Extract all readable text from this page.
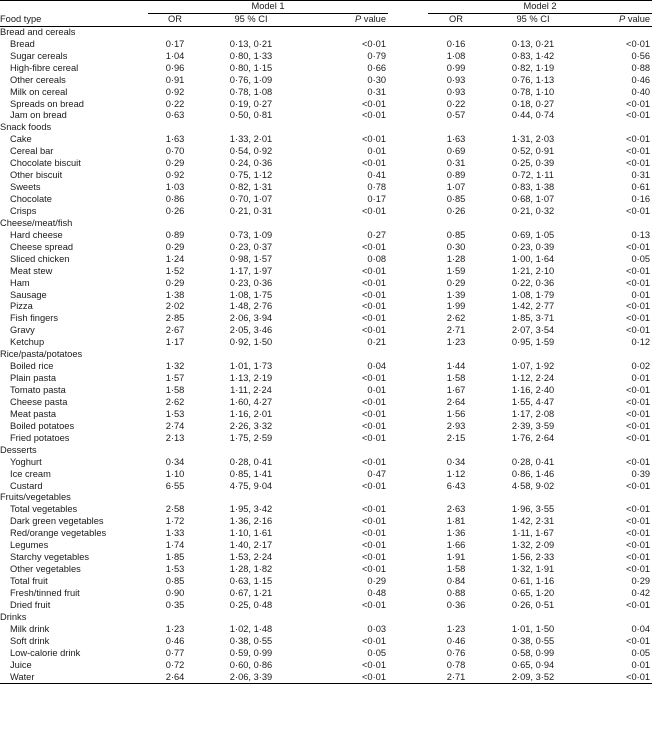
	Model 1				Model 2		
Food type	OR	95 % CI	P value		OR	95 % CI	P value
Bread and cereals							
Bread	0·17	0·13, 0·21	<0·01		0·16	0·13, 0·21	<0·01
Sugar cereals	1·04	0·80, 1·33	0·79		1·08	0·83, 1·42	0·56
High-fibre cereal	0·96	0·80, 1·15	0·66		0·99	0·82, 1·19	0·88
Other cereals	0·91	0·76, 1·09	0·30		0·93	0·76, 1·13	0·46
Milk on cereal	0·92	0·78, 1·08	0·31		0·93	0·78, 1·10	0·40
Spreads on bread	0·22	0·19, 0·27	<0·01		0·22	0·18, 0·27	<0·01
Jam on bread	0·63	0·50, 0·81	<0·01		0·57	0·44, 0·74	<0·01
Snack foods							
Cake	1·63	1·33, 2·01	<0·01		1·63	1·31, 2·03	<0·01
Cereal bar	0·70	0·54, 0·92	0·01		0·69	0·52, 0·91	<0·01
Chocolate biscuit	0·29	0·24, 0·36	<0·01		0·31	0·25, 0·39	<0·01
Other biscuit	0·92	0·75, 1·12	0·41		0·89	0·72, 1·11	0·31
Sweets	1·03	0·82, 1·31	0·78		1·07	0·83, 1·38	0·61
Chocolate	0·86	0·70, 1·07	0·17		0·85	0·68, 1·07	0·16
Crisps	0·26	0·21, 0·31	<0·01		0·26	0·21, 0·32	<0·01
Cheese/meat/fish							
Hard cheese	0·89	0·73, 1·09	0·27		0·85	0·69, 1·05	0·13
Cheese spread	0·29	0·23, 0·37	<0·01		0·30	0·23, 0·39	<0·01
Sliced chicken	1·24	0·98, 1·57	0·08		1·28	1·00, 1·64	0·05
Meat stew	1·52	1·17, 1·97	<0·01		1·59	1·21, 2·10	<0·01
Ham	0·29	0·23, 0·36	<0·01		0·29	0·22, 0·36	<0·01
Sausage	1·38	1·08, 1·75	<0·01		1·39	1·08, 1·79	0·01
Pizza	2·02	1·48, 2·76	<0·01		1·99	1·42, 2·77	<0·01
Fish fingers	2·85	2·06, 3·94	<0·01		2·62	1·85, 3·71	<0·01
Gravy	2·67	2·05, 3·46	<0·01		2·71	2·07, 3·54	<0·01
Ketchup	1·17	0·92, 1·50	0·21		1·23	0·95, 1·59	0·12
Rice/pasta/potatoes							
Boiled rice	1·32	1·01, 1·73	0·04		1·44	1·07, 1·92	0·02
Plain pasta	1·57	1·13, 2·19	<0·01		1·58	1·12, 2·24	0·01
Tomato pasta	1·58	1·11, 2·24	0·01		1·67	1·16, 2·40	<0·01
Cheese pasta	2·62	1·60, 4·27	<0·01		2·64	1·55, 4·47	<0·01
Meat pasta	1·53	1·16, 2·01	<0·01		1·56	1·17, 2·08	<0·01
Boiled potatoes	2·74	2·26, 3·32	<0·01		2·93	2·39, 3·59	<0·01
Fried potatoes	2·13	1·75, 2·59	<0·01		2·15	1·76, 2·64	<0·01
Desserts							
Yoghurt	0·34	0·28, 0·41	<0·01		0·34	0·28, 0·41	<0·01
Ice cream	1·10	0·85, 1·41	0·47		1·12	0·86, 1·46	0·39
Custard	6·55	4·75, 9·04	<0·01		6·43	4·58, 9·02	<0·01
Fruits/vegetables							
Total vegetables	2·58	1·95, 3·42	<0·01		2·63	1·96, 3·55	<0·01
Dark green vegetables	1·72	1·36, 2·16	<0·01		1·81	1·42, 2·31	<0·01
Red/orange vegetables	1·33	1·10, 1·61	<0·01		1·36	1·11, 1·67	<0·01
Legumes	1·74	1·40, 2·17	<0·01		1·66	1·32, 2·09	<0·01
Starchy vegetables	1·85	1·53, 2·24	<0·01		1·91	1·56, 2·33	<0·01
Other vegetables	1·53	1·28, 1·82	<0·01		1·58	1·32, 1·91	<0·01
Total fruit	0·85	0·63, 1·15	0·29		0·84	0·61, 1·16	0·29
Fresh/tinned fruit	0·90	0·67, 1·21	0·48		0·88	0·65, 1·20	0·42
Dried fruit	0·35	0·25, 0·48	<0·01		0·36	0·26, 0·51	<0·01
Drinks							
Milk drink	1·23	1·02, 1·48	0·03		1·23	1·01, 1·50	0·04
Soft drink	0·46	0·38, 0·55	<0·01		0·46	0·38, 0·55	<0·01
Low-calorie drink	0·77	0·59, 0·99	0·05		0·76	0·58, 0·99	0·05
Juice	0·72	0·60, 0·86	<0·01		0·78	0·65, 0·94	0·01
Water	2·64	2·06, 3·39	<0·01		2·71	2·09, 3·52	<0·01
